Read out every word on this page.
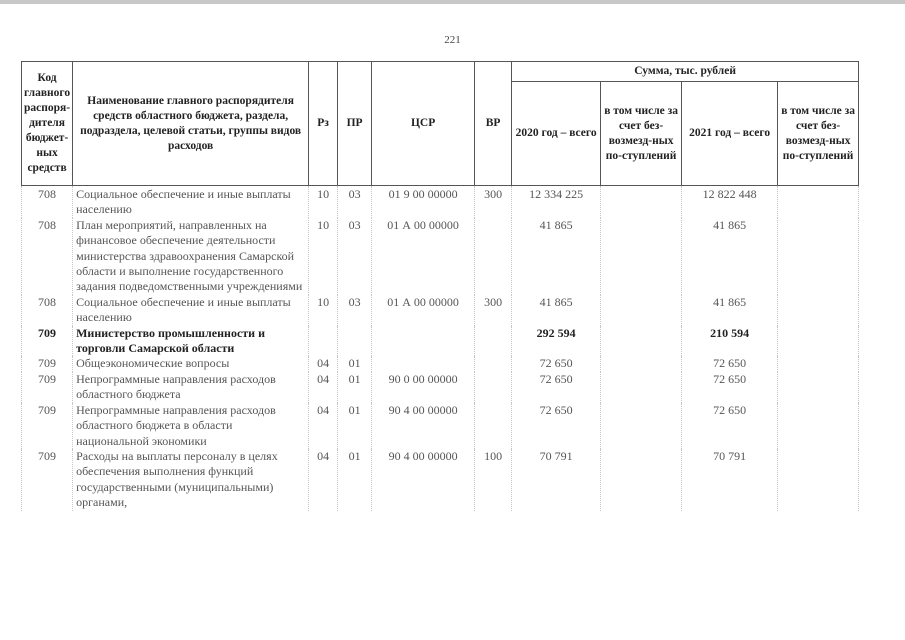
221
Код главного распоря-дителя бюджет-ных средств	Наименование главного распорядителя средств областного бюджета, раздела, подраздела, целевой статьи, группы видов расходов	Рз	ПР	ЦСР	ВР	Сумма, тыс. рублей			
						2020 год – всего	в том числе за счет без-возмезд-ных по-ступлений	2021 год – всего	в том числе за счет без-возмезд-ных по-ступлений
708	Социальное обеспечение и иные выплаты населению	10	03	01 9 00 00000	300	12 334 225		12 822 448	
708	План мероприятий, направленных на финансовое обеспечение деятельности министерства здравоохранения Самарской области и выполнение государственного задания подведомственными учреждениями	10	03	01 А 00 00000		41 865		41 865	
708	Социальное обеспечение и иные выплаты населению	10	03	01 А 00 00000	300	41 865		41 865	
709	Министерство промышленности и торговли Самарской области					292 594		210 594	
709	Общеэкономические вопросы	04	01			72 650		72 650	
709	Непрограммные направления расходов областного бюджета	04	01	90 0 00 00000		72 650		72 650	
709	Непрограммные направления расходов областного бюджета в области национальной экономики	04	01	90 4 00 00000		72 650		72 650	
709	Расходы на выплаты персоналу в целях обеспечения выполнения функций государственными (муниципальными) органами,	04	01	90 4 00 00000	100	70 791		70 791	
